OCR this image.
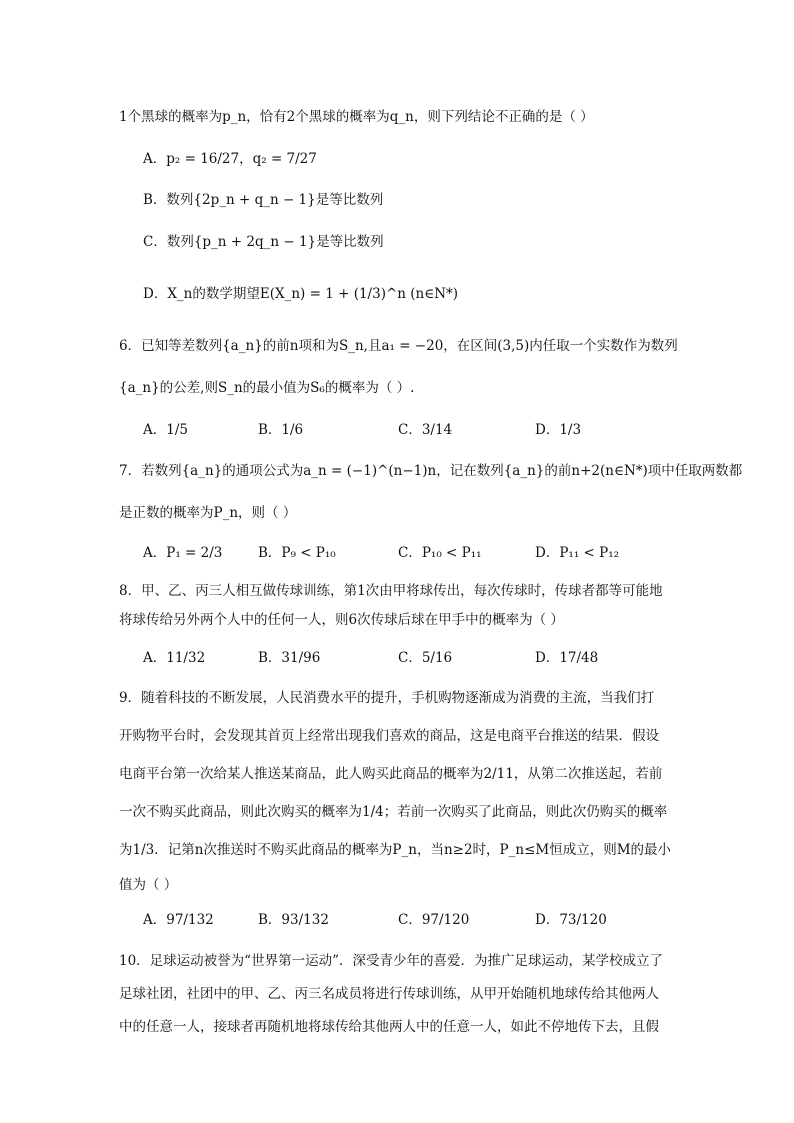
1个黑球的概率为p_n，恰有2个黑球的概率为q_n，则下列结论不正确的是（ ）
A．p₂ = 16/27，q₂ = 7/27
B．数列{2p_n + q_n − 1}是等比数列
C．数列{p_n + 2q_n − 1}是等比数列
D．X_n的数学期望E(X_n) = 1 + (1/3)^n (n∈N*)
6．已知等差数列{a_n}的前n项和为S_n,且a₁ = −20，在区间(3,5)内任取一个实数作为数列
{a_n}的公差,则S_n的最小值为S₆的概率为（ ）.
A．1/5	B．1/6	C．3/14	D．1/3
7．若数列{a_n}的通项公式为a_n = (−1)^(n−1)n，记在数列{a_n}的前n+2(n∈N*)项中任取两数都
是正数的概率为P_n，则（ ）
A．P₁ = 2/3	B．P₉ < P₁₀	C．P₁₀ < P₁₁	D．P₁₁ < P₁₂
8．甲、乙、丙三人相互做传球训练，第1次由甲将球传出，每次传球时，传球者都等可能地
将球传给另外两个人中的任何一人，则6次传球后球在甲手中的概率为（ ）
A．11/32	B．31/96	C．5/16	D．17/48
9．随着科技的不断发展，人民消费水平的提升，手机购物逐渐成为消费的主流，当我们打
开购物平台时，会发现其首页上经常出现我们喜欢的商品，这是电商平台推送的结果．假设
电商平台第一次给某人推送某商品，此人购买此商品的概率为2/11，从第二次推送起，若前
一次不购买此商品，则此次购买的概率为1/4；若前一次购买了此商品，则此次仍购买的概率
为1/3．记第n次推送时不购买此商品的概率为P_n，当n≥2时，P_n≤M恒成立，则M的最小
值为（ ）
A．97/132	B．93/132	C．97/120	D．73/120
10．足球运动被誉为“世界第一运动”．深受青少年的喜爱．为推广足球运动，某学校成立了
足球社团，社团中的甲、乙、丙三名成员将进行传球训练，从甲开始随机地球传给其他两人
中的任意一人，接球者再随机地将球传给其他两人中的任意一人，如此不停地传下去，且假
